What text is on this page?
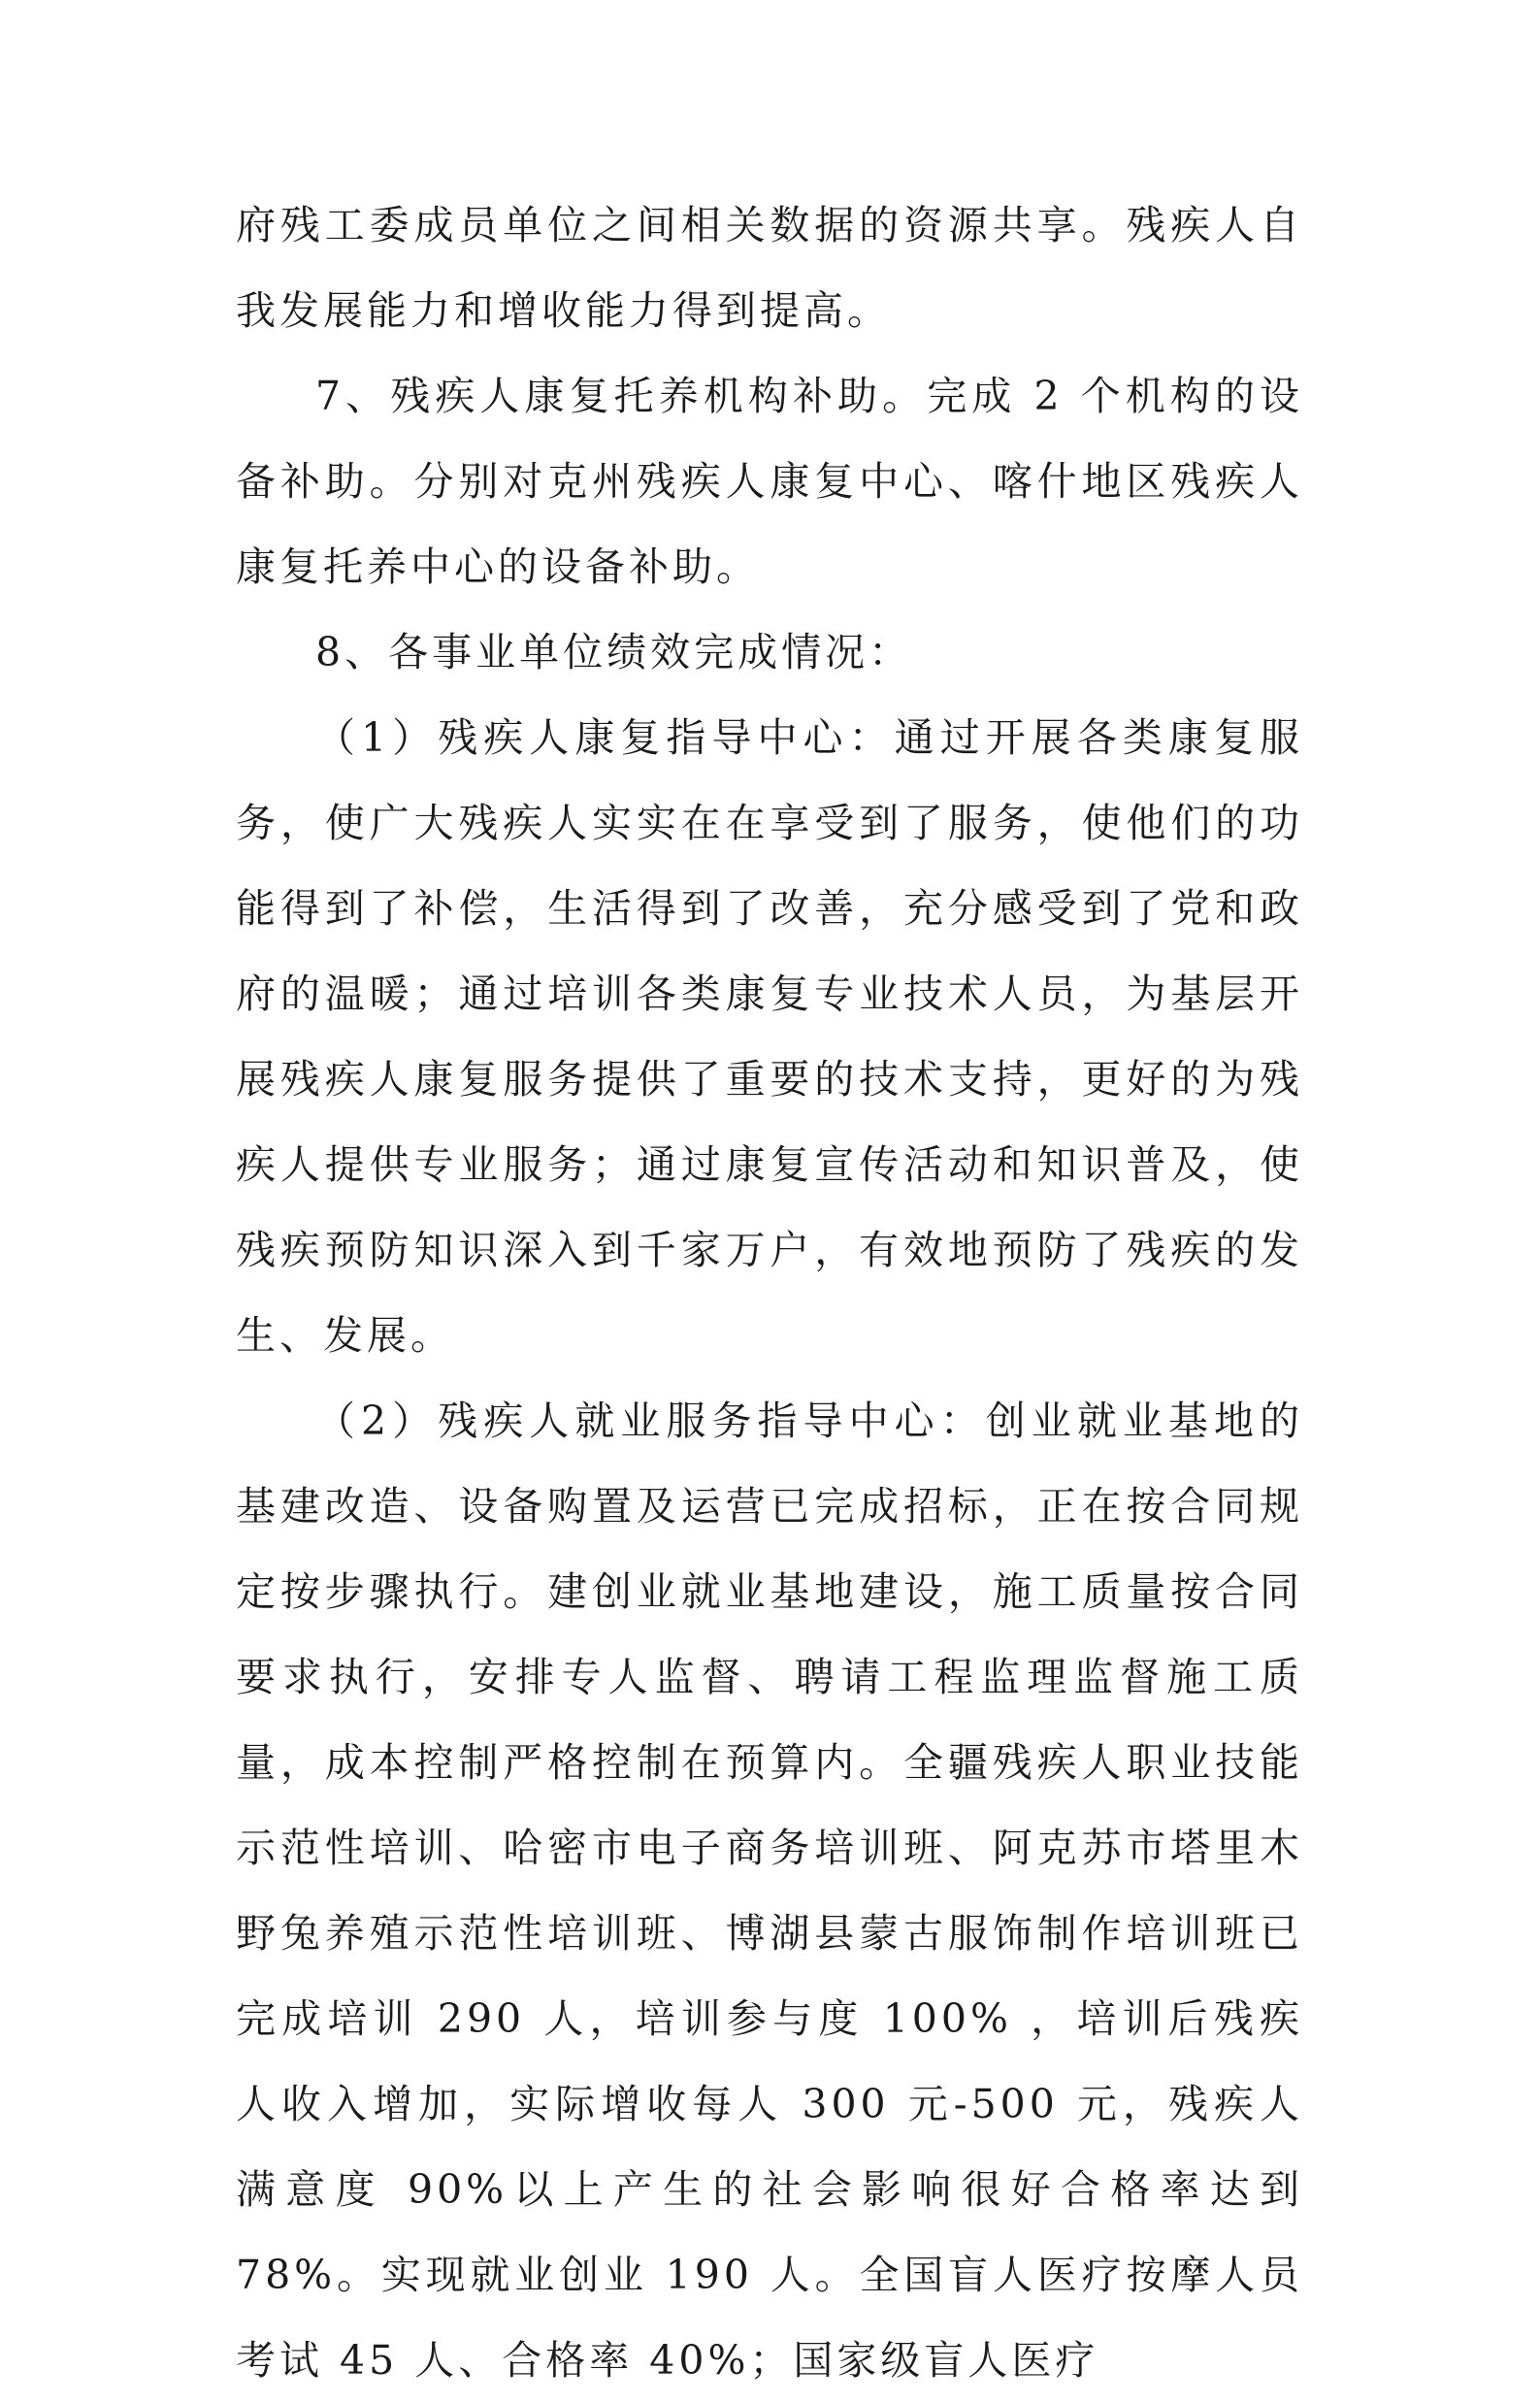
府残工委成员单位之间相关数据的资源共享。残疾人自我发展能力和增收能力得到提高。

7、残疾人康复托养机构补助。完成 2 个机构的设备补助。分别对克州残疾人康复中心、喀什地区残疾人康复托养中心的设备补助。

8、各事业单位绩效完成情况：

（1）残疾人康复指导中心：通过开展各类康复服务，使广大残疾人实实在在享受到了服务，使他们的功能得到了补偿，生活得到了改善，充分感受到了党和政府的温暖；通过培训各类康复专业技术人员，为基层开展残疾人康复服务提供了重要的技术支持，更好的为残疾人提供专业服务；通过康复宣传活动和知识普及，使残疾预防知识深入到千家万户，有效地预防了残疾的发生、发展。

（2）残疾人就业服务指导中心：创业就业基地的基建改造、设备购置及运营已完成招标，正在按合同规定按步骤执行。建创业就业基地建设，施工质量按合同要求执行，安排专人监督、聘请工程监理监督施工质量，成本控制严格控制在预算内。全疆残疾人职业技能示范性培训、哈密市电子商务培训班、阿克苏市塔里木野兔养殖示范性培训班、博湖县蒙古服饰制作培训班已完成培训 290 人，培训参与度 100% ，培训后残疾人收入增加，实际增收每人 300 元-500 元，残疾人满意度 90%以上产生的社会影响很好合格率达到 78%。实现就业创业 190 人。全国盲人医疗按摩人员考试 45 人、合格率 40%；国家级盲人医疗
